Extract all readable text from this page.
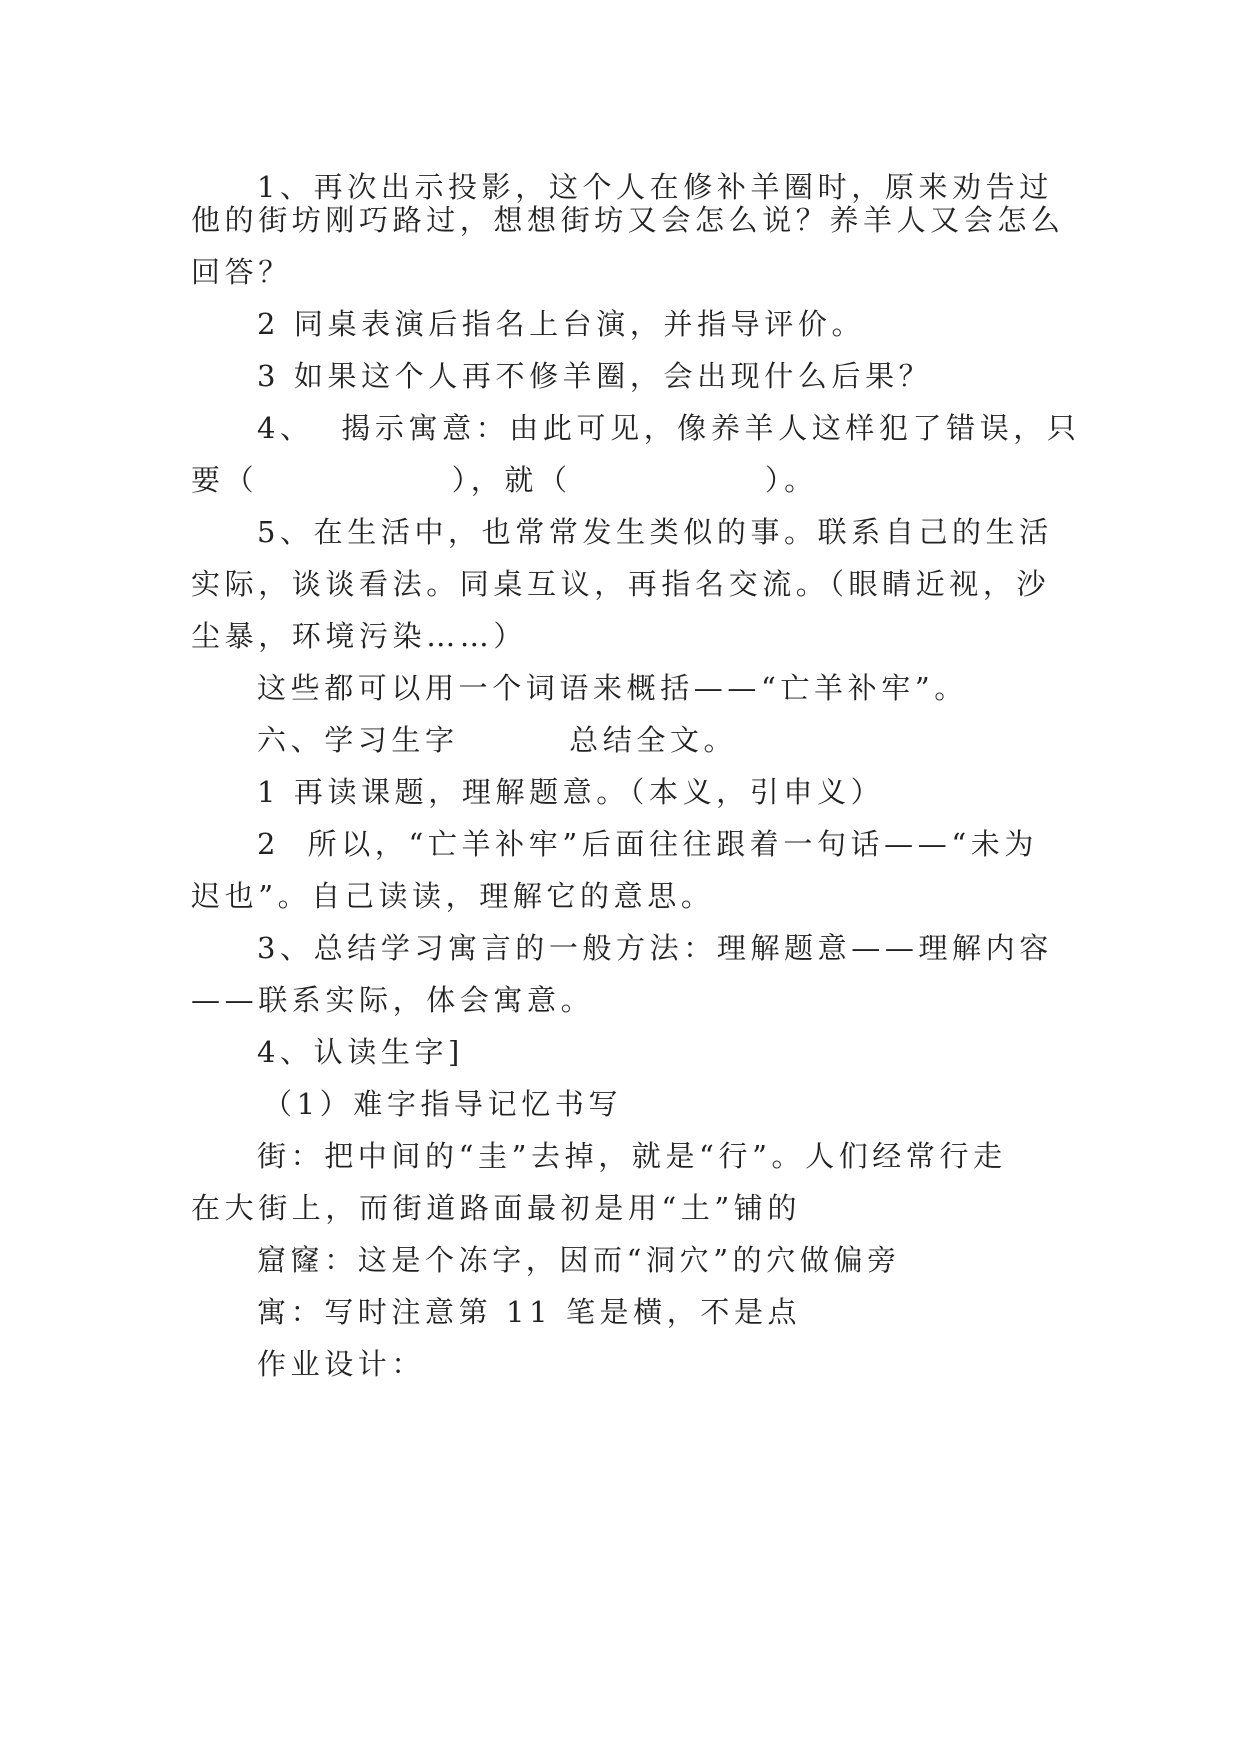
1、再次出示投影，这个人在修补羊圈时，原来劝告过
他的街坊刚巧路过，想想街坊又会怎么说？养羊人又会怎么
回答？
2 同桌表演后指名上台演，并指导评价。
3 如果这个人再不修羊圈，会出现什么后果？
4、  揭示寓意：由此可见，像养羊人这样犯了错误，只
要（              ），就（              ）。
5、在生活中，也常常发生类似的事。联系自己的生活
实际，谈谈看法。同桌互议，再指名交流。（眼睛近视，沙
尘暴，环境污染……）
这些都可以用一个词语来概括——“亡羊补牢”。
六、学习生字        总结全文。
1 再读课题，理解题意。（本义，引申义）
2  所以，“亡羊补牢”后面往往跟着一句话——“未为
迟也”。自己读读，理解它的意思。
3、总结学习寓言的一般方法：理解题意——理解内容
——联系实际，体会寓意。
4、认读生字]
（1）难字指导记忆书写
街：把中间的“圭”去掉，就是“行”。人们经常行走
在大街上，而街道路面最初是用“土”铺的
窟窿：这是个冻字，因而“洞穴”的穴做偏旁
寓：写时注意第 11 笔是横，不是点
作业设计：
